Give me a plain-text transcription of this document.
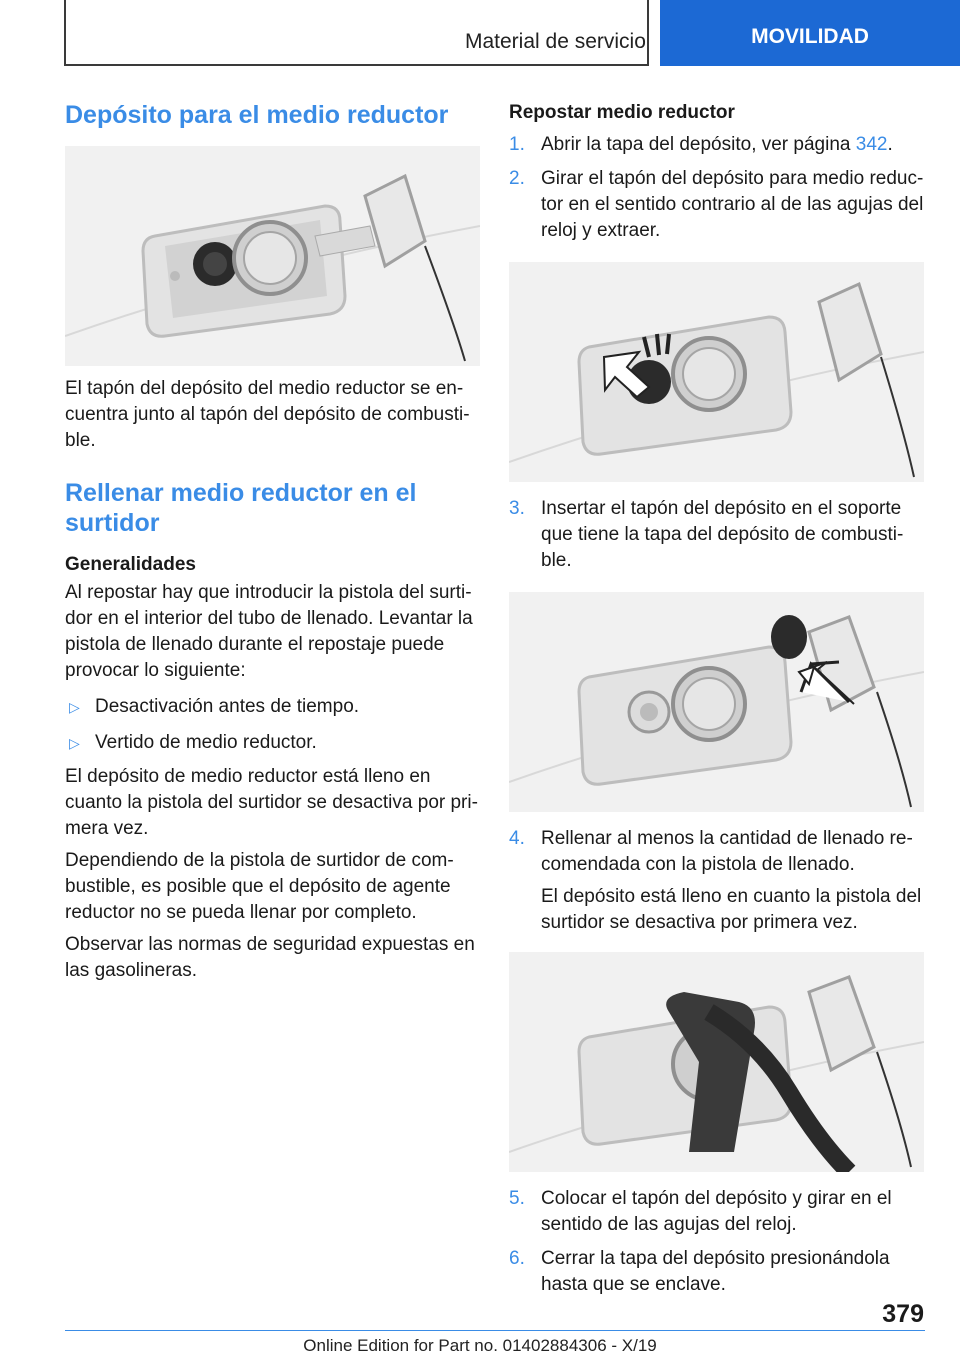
Material de servicio	MOVILIDAD
Depósito para el medio reductor

El tapón del depósito del medio reductor se en-cuentra junto al tapón del depósito de combusti-ble.

Rellenar medio reductor en el surtidor
Generalidades

Al repostar hay que introducir la pistola del surti-dor en el interior del tubo de llenado. Levantar la pistola de llenado durante el repostaje puede provocar lo siguiente:

▷ Desactivación antes de tiempo.
▷ Vertido de medio reductor.

El depósito de medio reductor está lleno en cuanto la pistola del surtidor se desactiva por pri-mera vez.

Dependiendo de la pistola de surtidor de com-bustible, es posible que el depósito de agente reductor no se pueda llenar por completo.

Observar las normas de seguridad expuestas en las gasolineras.

Repostar medio reductor
1. Abrir la tapa del depósito, ver página 342.
2. Girar el tapón del depósito para medio reduc-tor en el sentido contrario al de las agujas del reloj y extraer.
3. Insertar el tapón del depósito en el soporte que tiene la tapa del depósito de combusti-ble.
4. Rellenar al menos la cantidad de llenado re-comendada con la pistola de llenado.

El depósito está lleno en cuanto la pistola del surtidor se desactiva por primera vez.

5. Colocar el tapón del depósito y girar en el sentido de las agujas del reloj.
6. Cerrar la tapa del depósito presionándola hasta que se enclave.
379
Online Edition for Part no. 01402884306 - X/19
